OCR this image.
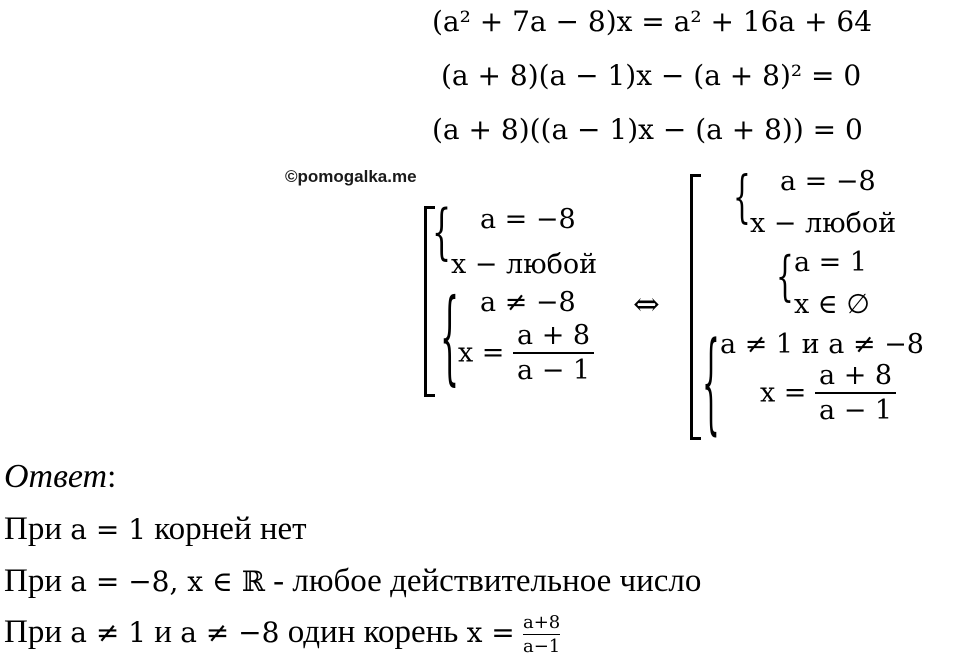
(a² + 7a − 8)x = a² + 16a + 64
(a + 8)(a − 1)x − (a + 8)² = 0
(a + 8)((a − 1)x − (a + 8)) = 0
©pomogalka.me
{ a = −8
x − любой
{ a ≠ −8
$x = \frac{a + 8}{a - 1}$
⇔
{ a = −8
x − любой
{ a = 1
x ∈ ∅
{ a ≠ 1 и a ≠ −8
$x = \frac{a + 8}{a - 1}$
Ответ:
При a = 1 корней нет
При a = −8, x ∈ ℝ - любое действительное число
При a ≠ 1 и a ≠ −8 один корень $x = \frac{a+8}{a-1}$
